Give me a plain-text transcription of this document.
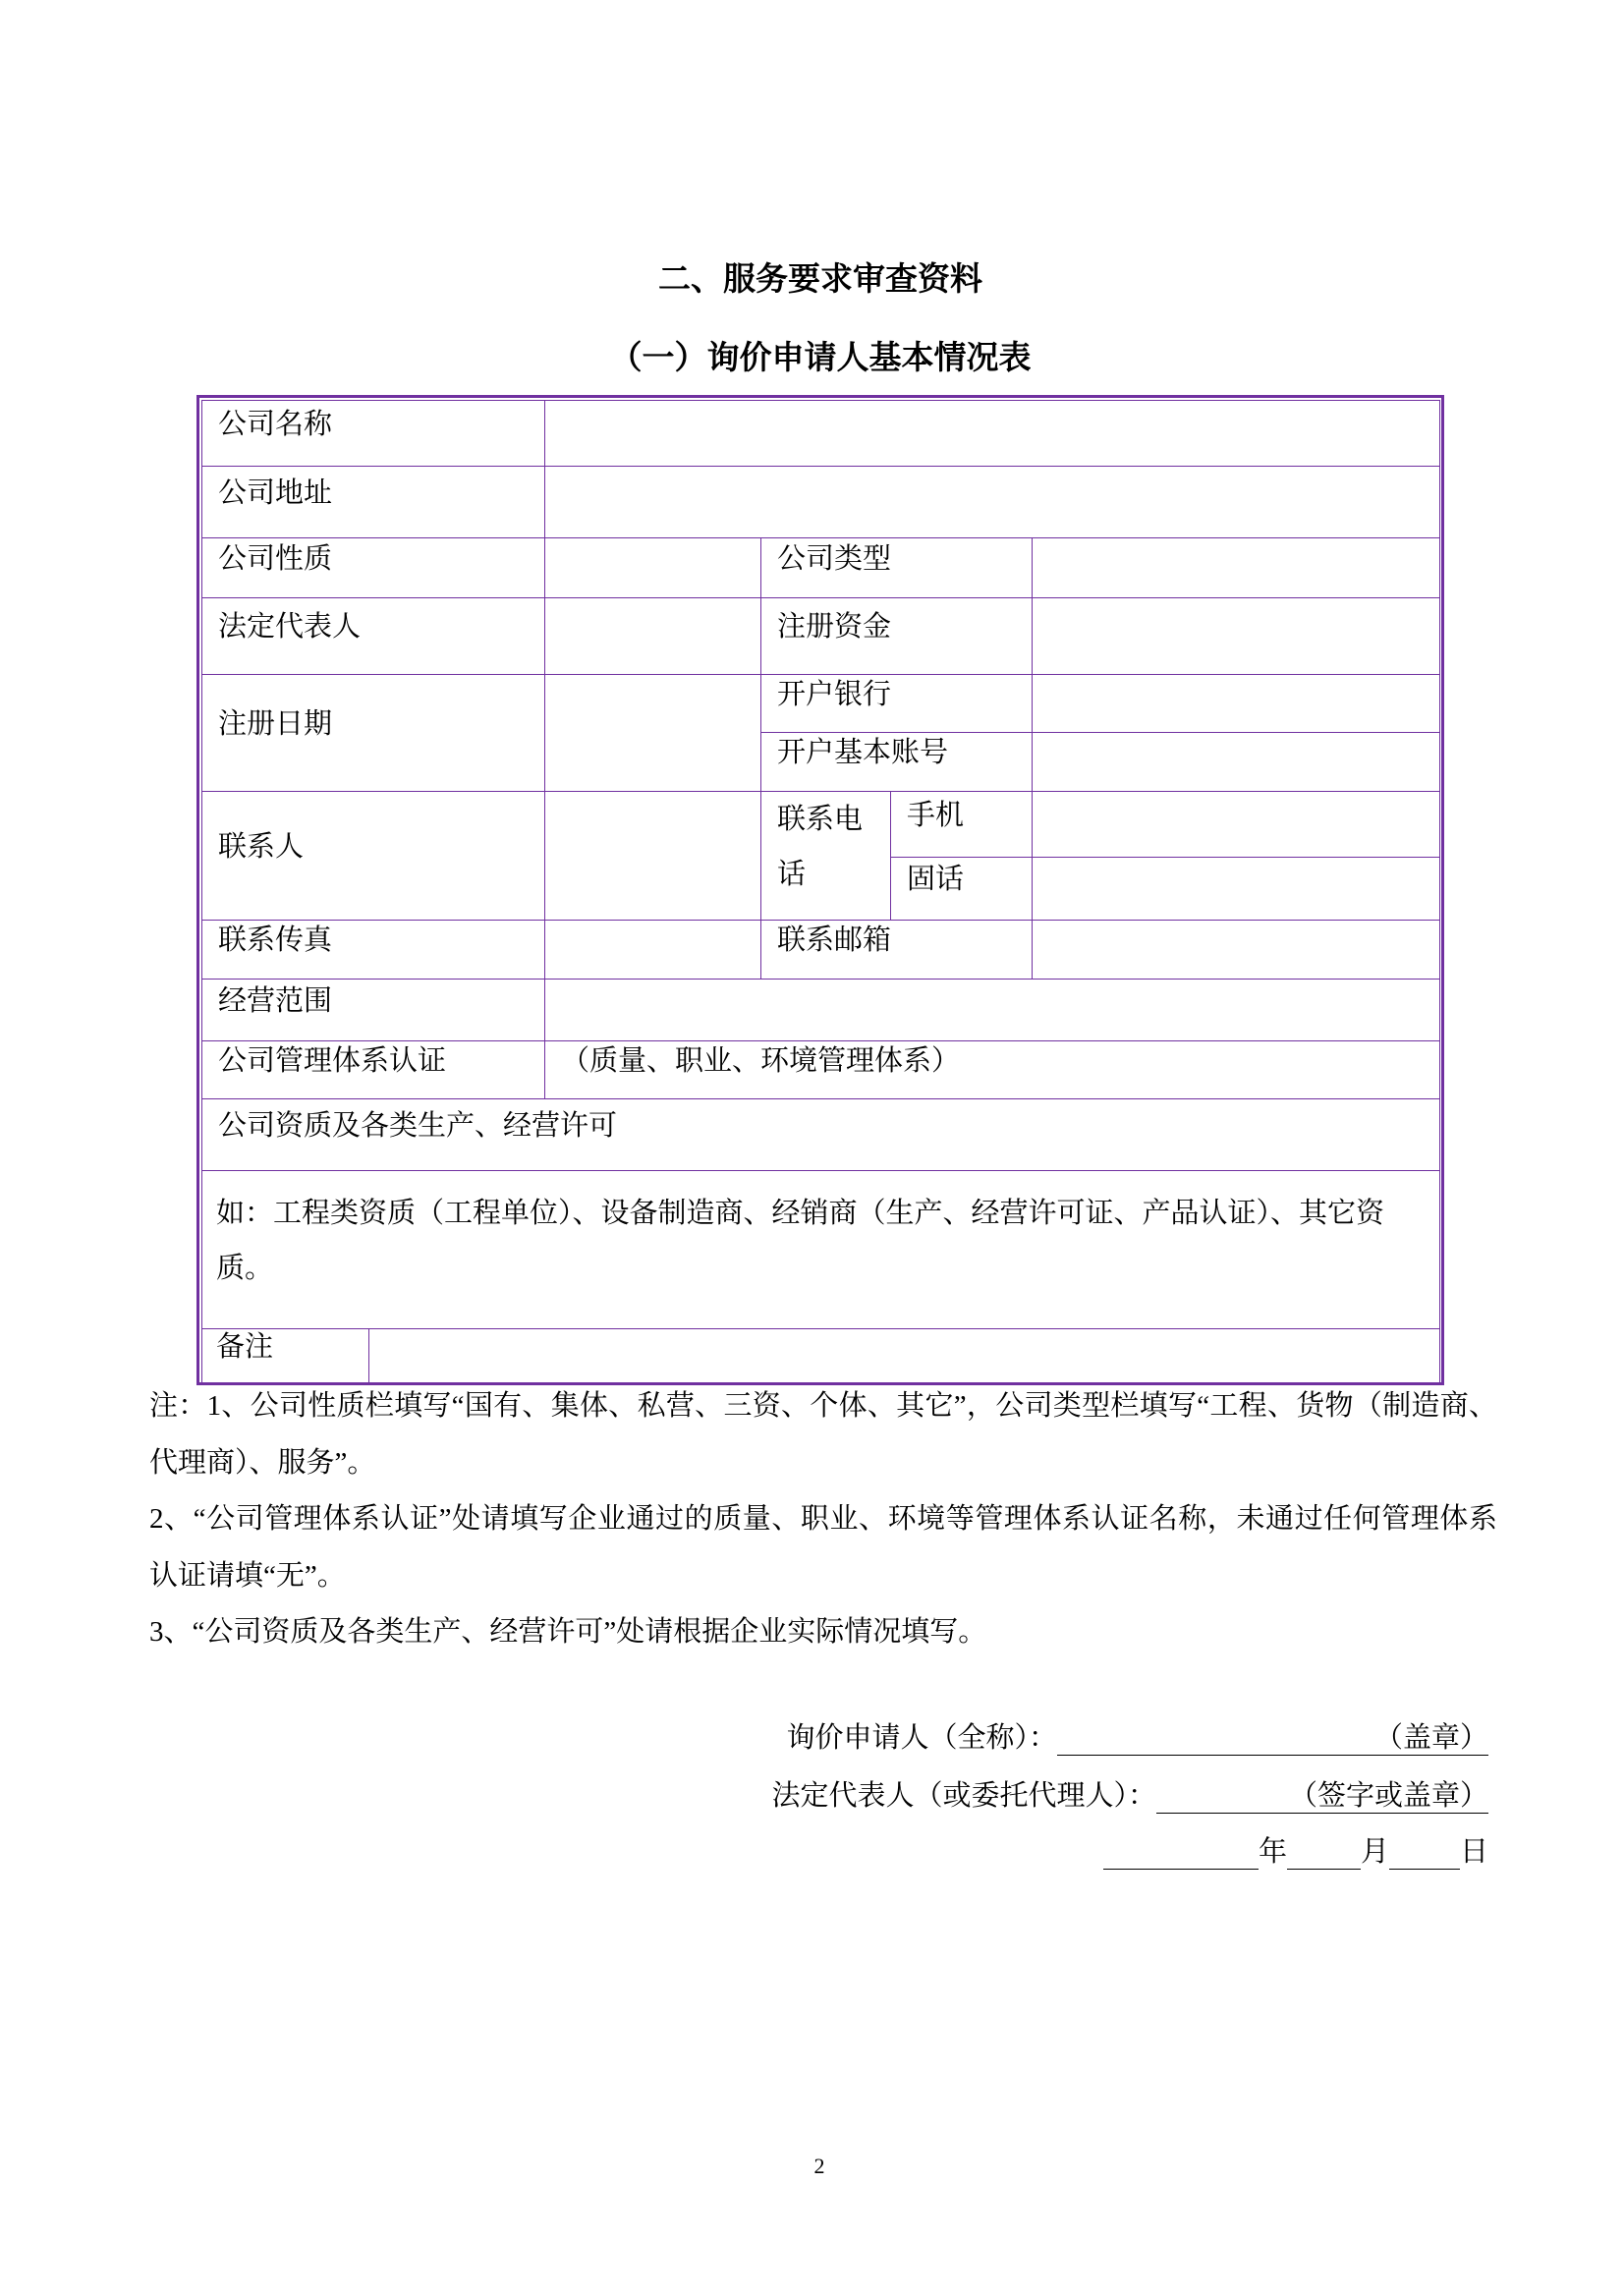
二、服务要求审查资料
（一）询价申请人基本情况表
公司名称				
公司地址				
公司性质		公司类型		
法定代表人		注册资金		
注册日期		开户银行		
		开户基本账号		
联系人		联系电话	手机	
			固话	
联系传真		联系邮箱		
经营范围				
公司管理体系认证	（质量、职业、环境管理体系）			
公司资质及各类生产、经营许可				
如：工程类资质（工程单位）、设备制造商、经销商（生产、经营许可证、产品认证）、其它资质。				

备注				

注：1、公司性质栏填写“国有、集体、私营、三资、个体、其它”，公司类型栏填写“工程、货物（制造商、代理商）、服务”。

2、“公司管理体系认证”处请填写企业通过的质量、职业、环境等管理体系认证名称，未通过任何管理体系认证请填“无”。

3、“公司资质及各类生产、经营许可”处请根据企业实际情况填写。

询价申请人（全称）：	（盖章）
法定代表人（或委托代理人）：	（签字或盖章）
年	月 日
2
